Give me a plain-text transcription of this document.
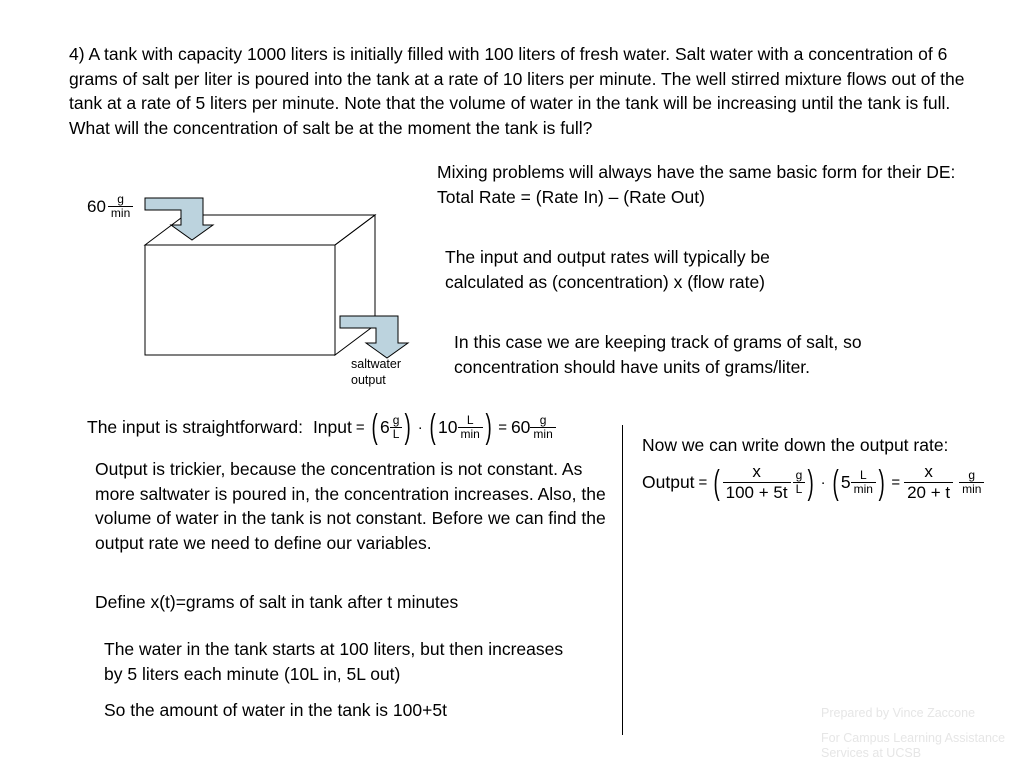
4) A tank with capacity 1000 liters is initially filled with 100 liters of fresh water. Salt water with a concentration of 6 grams of salt per liter is poured into the tank at a rate of 10 liters per minute. The well stirred mixture flows out of the tank at a rate of 5 liters per minute. Note that the volume of water in the tank will be increasing until the tank is full. What will the concentration of salt be at the moment the tank is full?
$60 \frac{g}{\min}$
saltwater
output
Mixing problems will always have the same basic form for their DE: Total Rate = (Rate In) – (Rate Out)
The input and output rates will typically be calculated as (concentration) x (flow rate)
In this case we are keeping track of grams of salt, so concentration should have units of grams/liter.
The input is straightforward: Input = ( $6 \frac{g}{L}$ ) · ( $10 \frac{L}{\min}$ ) = $60 \frac{g}{\min}$
Output is trickier, because the concentration is not constant. As more saltwater is poured in, the concentration increases. Also, the volume of water in the tank is not constant. Before we can find the output rate we need to define our variables.
Define x(t)=grams of salt in tank after t minutes
The water in the tank starts at 100 liters, but then increases by 5 liters each minute (10L in, 5L out)
So the amount of water in the tank is 100+5t
Now we can write down the output rate:
Output = ( $\frac{x}{100 + 5t} \frac{g}{L}$ ) · ( $5 \frac{L}{\min}$ ) = $\frac{x}{20 + t} \frac{g}{\min}$
Prepared by Vince Zaccone
For Campus Learning Assistance Services at UCSB
